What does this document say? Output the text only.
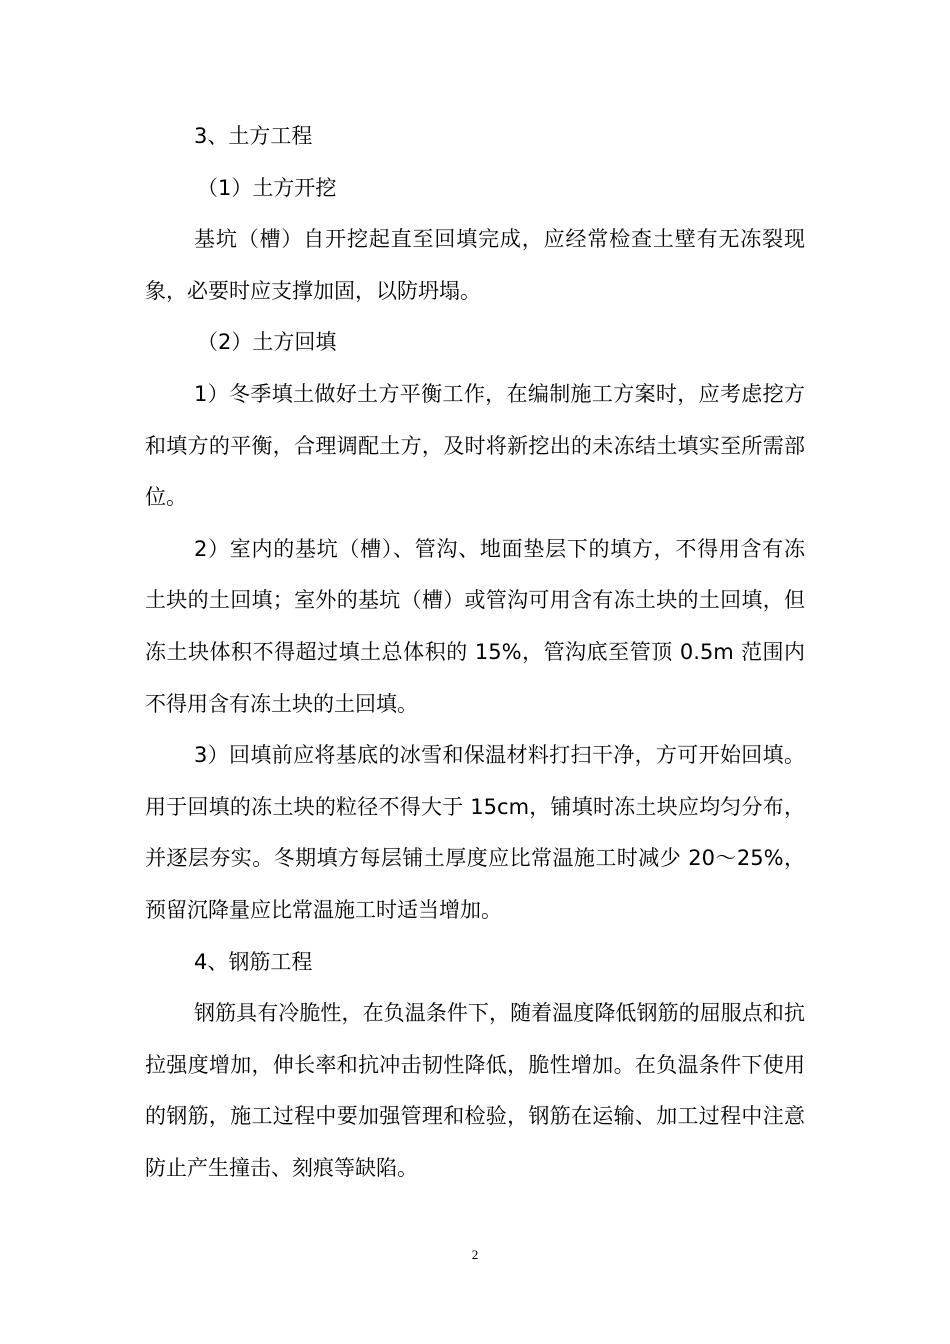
3、土方工程

（1）土方开挖

基坑（槽）自开挖起直至回填完成，应经常检查土壁有无冻裂现象，必要时应支撑加固，以防坍塌。

（2）土方回填

1）冬季填土做好土方平衡工作，在编制施工方案时，应考虑挖方和填方的平衡，合理调配土方，及时将新挖出的未冻结土填实至所需部位。

2）室内的基坑（槽）、管沟、地面垫层下的填方，不得用含有冻土块的土回填；室外的基坑（槽）或管沟可用含有冻土块的土回填，但冻土块体积不得超过填土总体积的 15%，管沟底至管顶 0.5m 范围内不得用含有冻土块的土回填。

3）回填前应将基底的冰雪和保温材料打扫干净，方可开始回填。用于回填的冻土块的粒径不得大于 15cm，铺填时冻土块应均匀分布，并逐层夯实。冬期填方每层铺土厚度应比常温施工时减少 20～25%，预留沉降量应比常温施工时适当增加。

4、钢筋工程

钢筋具有冷脆性，在负温条件下，随着温度降低钢筋的屈服点和抗拉强度增加，伸长率和抗冲击韧性降低，脆性增加。在负温条件下使用的钢筋，施工过程中要加强管理和检验，钢筋在运输、加工过程中注意防止产生撞击、刻痕等缺陷。

2
